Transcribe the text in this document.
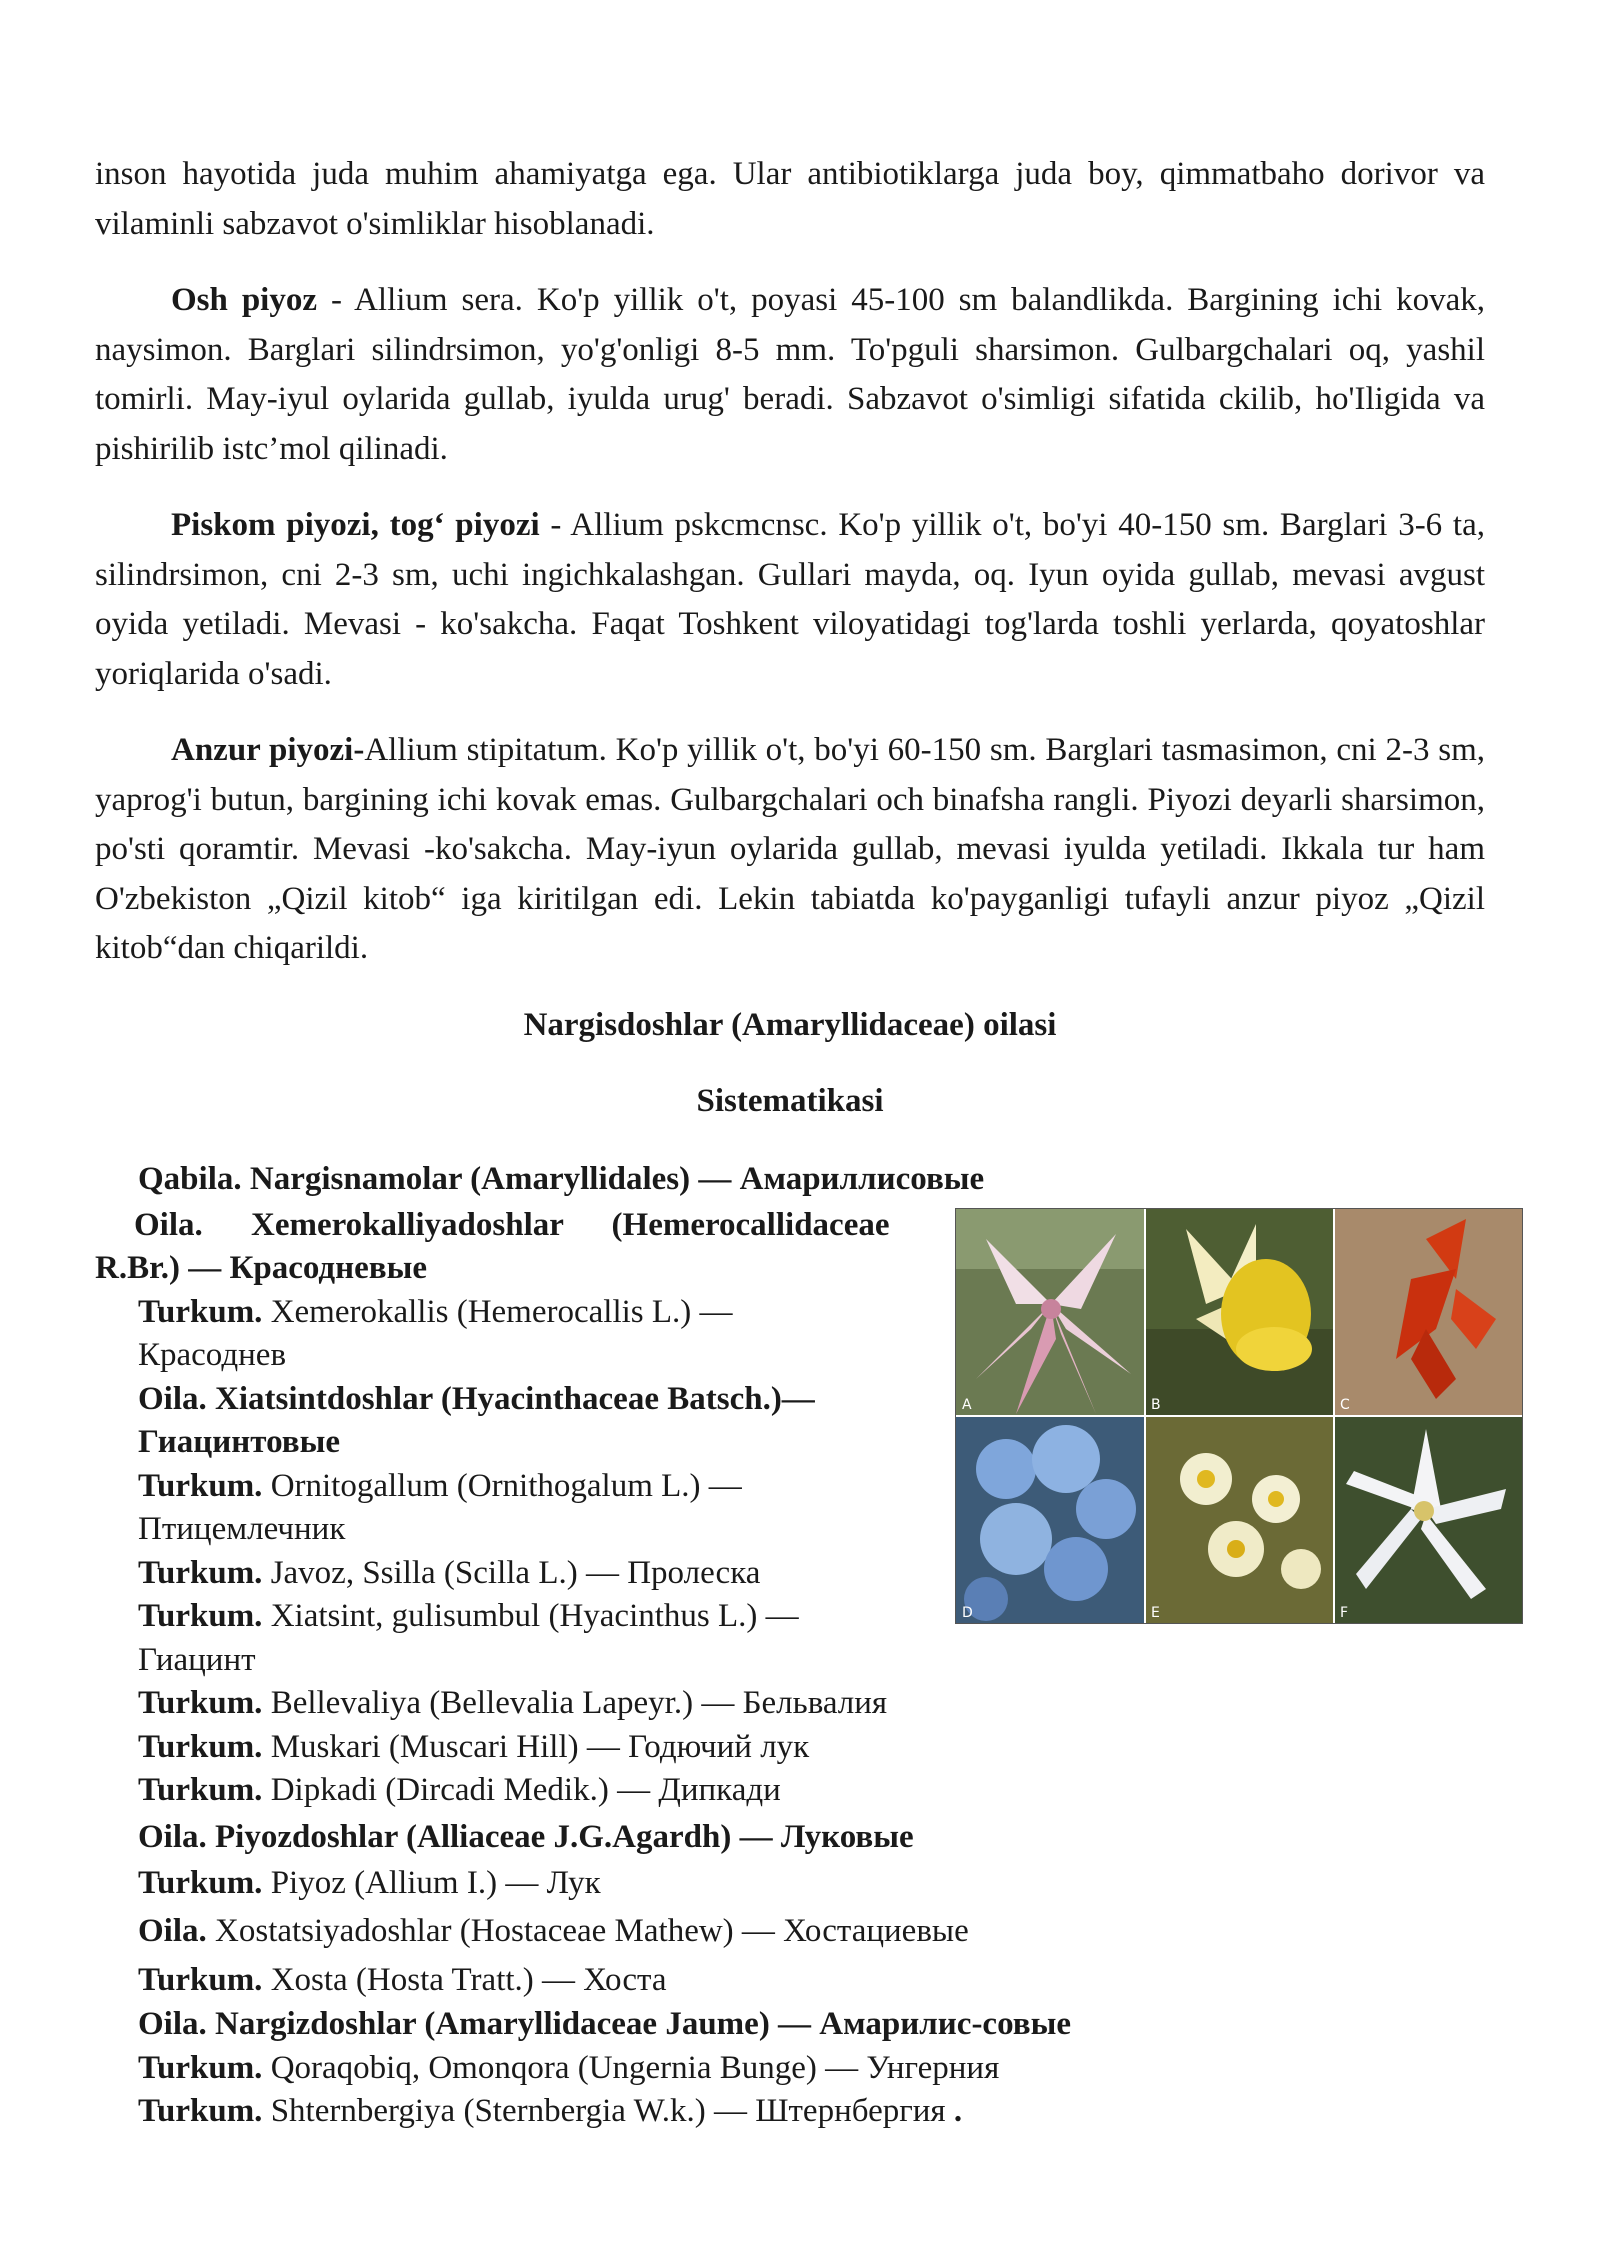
inson hayotida juda muhim ahamiyatga ega. Ular antibiotiklarga juda boy, qimmatbaho dorivor va vilaminli sabzavot o'simliklar hisoblanadi.

Osh piyoz - Allium sera. Ko'p yillik o't, poyasi 45-100 sm balandlikda. Bargining ichi kovak, naysimon. Barglari silindrsimon, yo'g'onligi 8-5 mm. To'pguli sharsimon. Gulbargchalari oq, yashil tomirli. May-iyul oylarida gullab, iyulda urug' beradi. Sabzavot o'simligi sifatida ckilib, ho'Iligida va pishirilib istc’mol qilinadi.

Piskom piyozi, tog‘ piyozi - Allium pskcmcnsc. Ko'p yillik o't, bo'yi 40-150 sm. Barglari 3-6 ta, silindrsimon, cni 2-3 sm, uchi ingichkalashgan. Gullari mayda, oq. Iyun oyida gullab, mevasi avgust oyida yetiladi. Mevasi - ko'sakcha. Faqat Toshkent viloyatidagi tog'larda toshli yerlarda, qoyatoshlar yoriqlarida o'sadi.

Anzur piyozi-Allium stipitatum. Ko'p yillik o't, bo'yi 60-150 sm. Barglari tasmasimon, cni 2-3 sm, yaprog'i butun, bargining ichi kovak emas. Gulbargchalari och binafsha rangli. Piyozi deyarli sharsimon, po'sti qoramtir. Mevasi -ko'sakcha. May-iyun oylarida gullab, mevasi iyulda yetiladi. Ikkala tur ham O'zbekiston „Qizil kitob“ iga kiritilgan edi. Lekin tabiatda ko'payganligi tufayli anzur piyoz „Qizil kitob“dan chiqarildi.

Nargisdoshlar (Amaryllidaceae) oilasi

Sistematikasi

Qabila. Nargisnamolar (Amaryllidales) — Амариллисовые
A	B	C
D	E	F
Oila. Xemerokalliyadoshlar (Hemerocallidaceae
R.Br.) — Красодневые
Turkum. Xemerokallis (Hemerocallis L.) —
Красоднев
Oila. Xiatsintdoshlar (Hyacinthaceae Batsch.)—
Гиацинтовые
Turkum. Ornitogallum (Ornithogalum L.) —
Птицемлечник
Turkum. Javoz, Ssilla (Scilla L.) — Пролеска
Turkum. Xiatsint, gulisumbul (Hyacinthus L.) —
Гиацинт
Turkum. Bellevaliya (Bellevalia Lapeyr.) — Бельвалия
Turkum. Muskari (Muscari Hill) — Годючий лук
Turkum. Dipkadi (Dircadi Medik.) — Дипкади
Oila. Piyozdoshlar (Alliaceae J.G.Agardh) — Луковые
Turkum. Piyoz (Allium I.) — Лук
Oila. Xostatsiyadoshlar (Hostaceae Mathew) — Хостациевые
Turkum. Xosta (Hosta Tratt.) — Хоста
Oila. Nargizdoshlar (Amaryllidaceae Jaume) — Амарилис-совые
Turkum. Qoraqobiq, Omonqora (Ungernia Bunge) — Унгерния
Turkum. Shternbergiya (Sternbergia W.k.) — Штернбергия .
